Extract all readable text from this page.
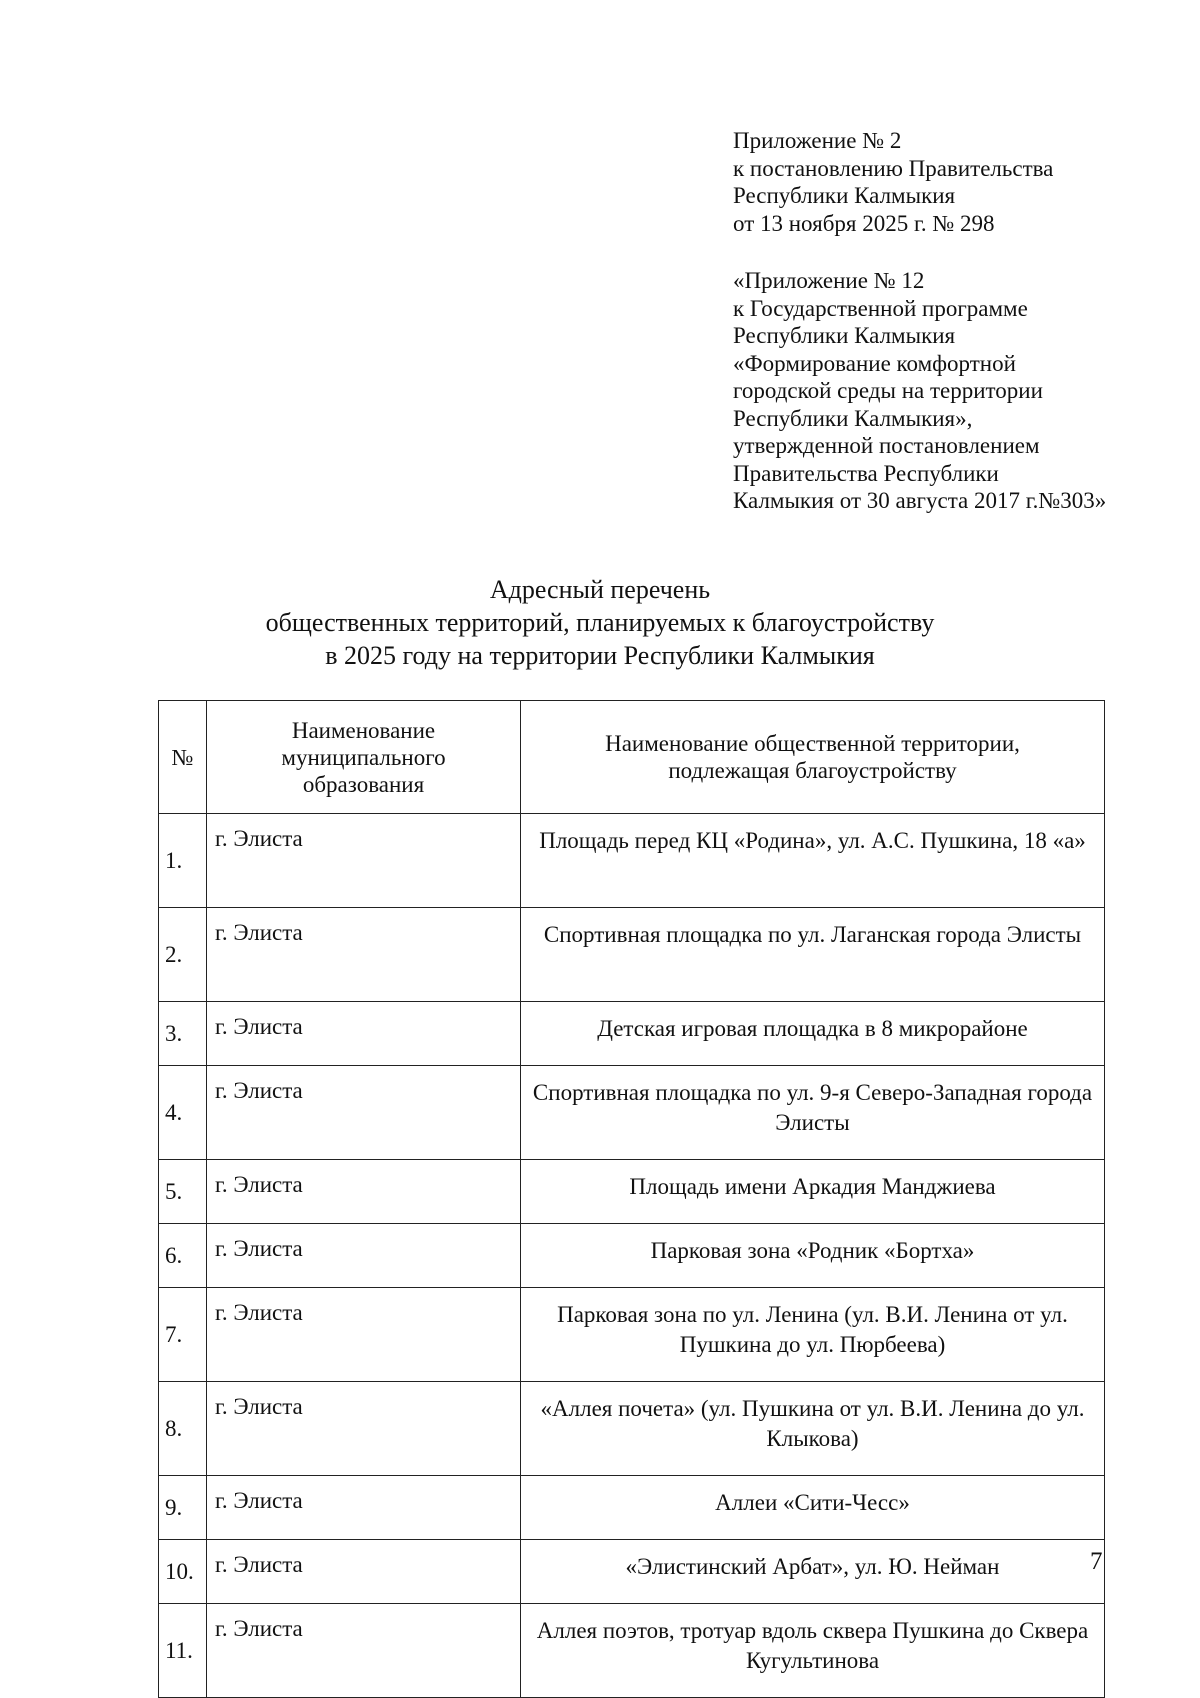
Приложение № 2
к постановлению Правительства
Республики Калмыкия
от 13 ноября 2025 г. № 298
«Приложение № 12
к Государственной программе
Республики Калмыкия
«Формирование комфортной
городской среды на территории
Республики Калмыкия»,
утвержденной постановлением
Правительства Республики
Калмыкия от 30 августа 2017 г.№303»
Адресный перечень
общественных территорий, планируемых к благоустройству
в 2025 году на территории Республики Калмыкия
№	Наименование муниципального образования	Наименование общественной территории, подлежащая благоустройству
1.	г. Элиста	Площадь перед КЦ «Родина», ул. А.С. Пушкина, 18 «а»
2.	г. Элиста	Спортивная площадка по ул. Лаганская города Элисты
3.	г. Элиста	Детская игровая площадка в 8 микрорайоне
4.	г. Элиста	Спортивная площадка по ул. 9-я Северо-Западная города Элисты
5.	г. Элиста	Площадь имени Аркадия Манджиева
6.	г. Элиста	Парковая зона «Родник «Бортха»
7.	г. Элиста	Парковая зона по ул. Ленина (ул. В.И. Ленина от ул. Пушкина до ул. Пюрбеева)
8.	г. Элиста	«Аллея почета» (ул. Пушкина от ул. В.И. Ленина до ул. Клыкова)
9.	г. Элиста	Аллеи «Сити-Чесс»
10.	г. Элиста	«Элистинский Арбат», ул. Ю. Нейман
11.	г. Элиста	Аллея поэтов, тротуар вдоль сквера Пушкина до Сквера Кугультинова
7
